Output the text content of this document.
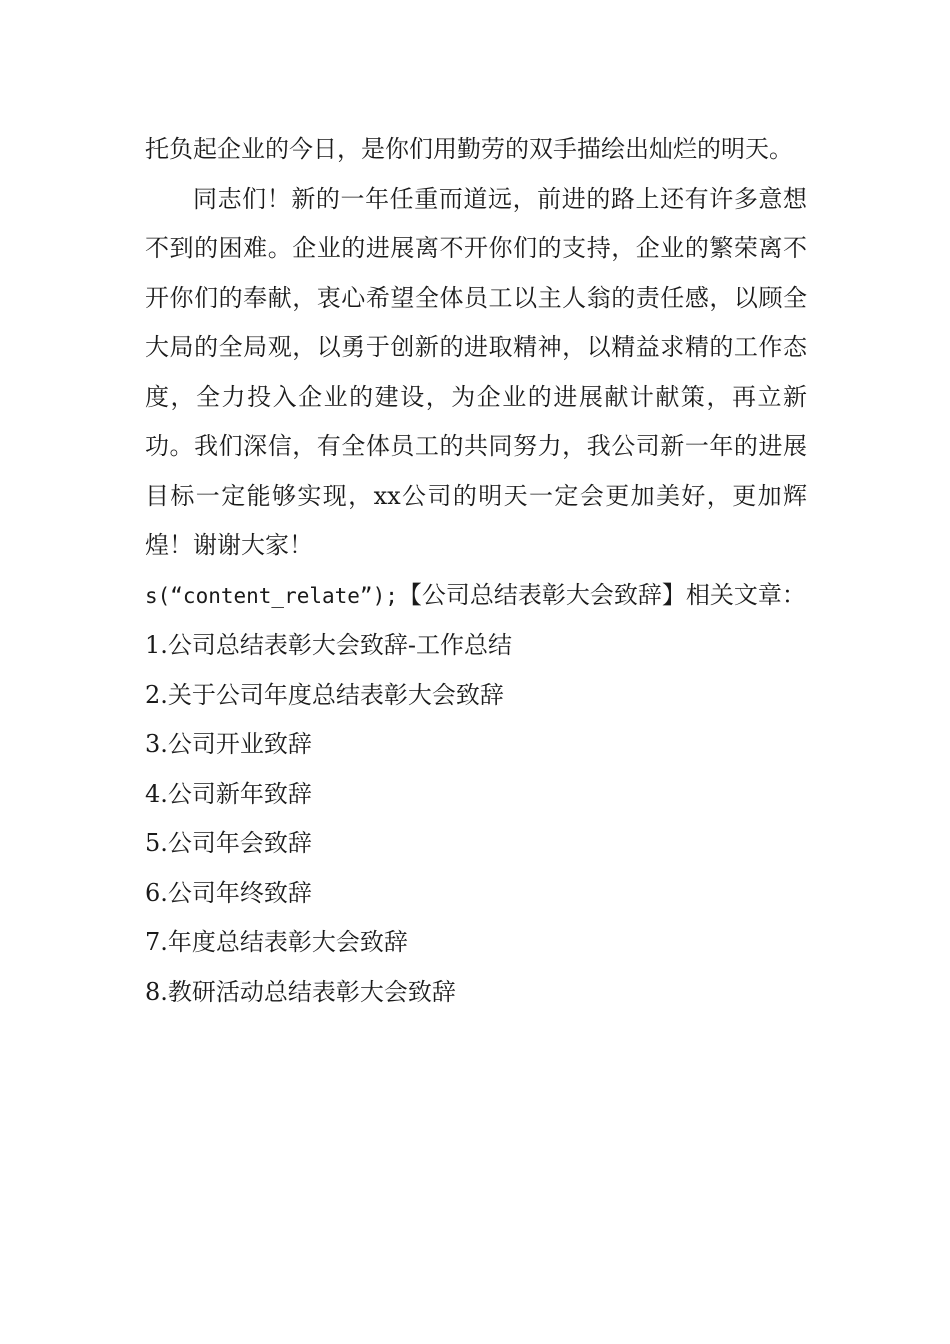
托负起企业的今日，是你们用勤劳的双手描绘出灿烂的明天。

同志们！新的一年任重而道远，前进的路上还有许多意想不到的困难。企业的进展离不开你们的支持，企业的繁荣离不开你们的奉献，衷心希望全体员工以主人翁的责任感，以顾全大局的全局观，以勇于创新的进取精神，以精益求精的工作态度，全力投入企业的建设，为企业的进展献计献策，再立新功。我们深信，有全体员工的共同努力，我公司新一年的进展目标一定能够实现，xx公司的明天一定会更加美好，更加辉煌！谢谢大家！

s(“content_relate”);【公司总结表彰大会致辞】相关文章：

1.公司总结表彰大会致辞-工作总结
2.关于公司年度总结表彰大会致辞
3.公司开业致辞
4.公司新年致辞
5.公司年会致辞
6.公司年终致辞
7.年度总结表彰大会致辞
8.教研活动总结表彰大会致辞
